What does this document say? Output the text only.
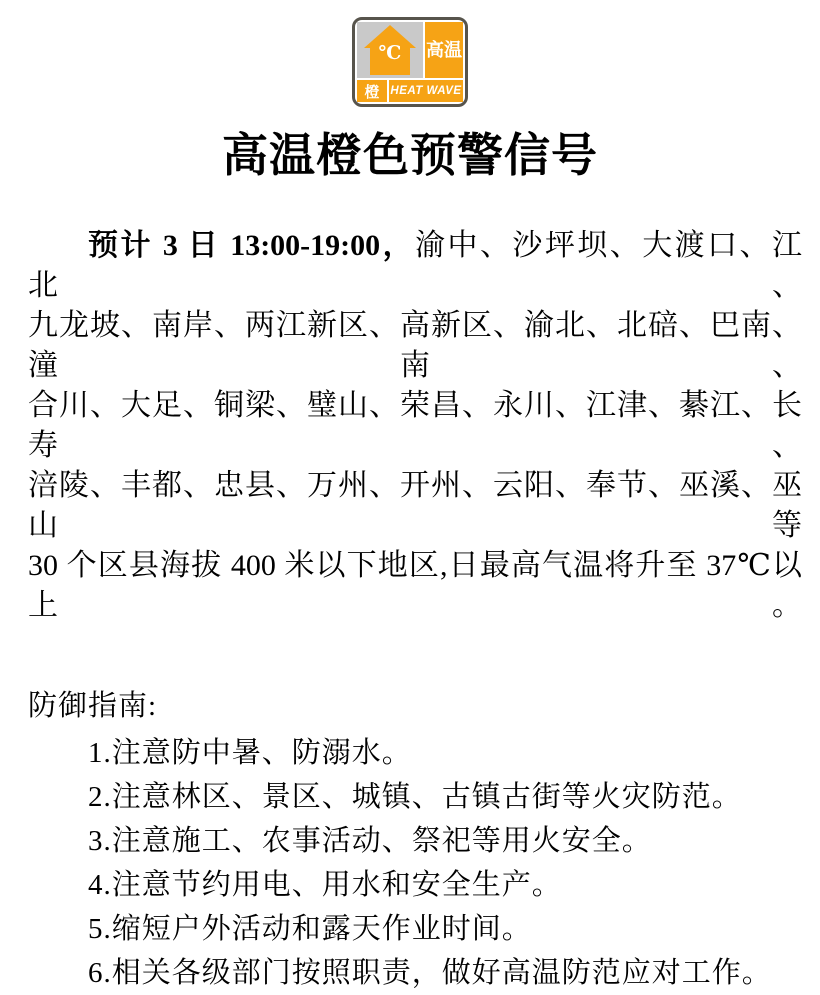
℃	高温
橙 HEAT WAVE
高温橙色预警信号
预计 3 日 13:00-19:00，渝中、沙坪坝、大渡口、江北、
九龙坡、南岸、两江新区、高新区、渝北、北碚、巴南、潼南、
合川、大足、铜梁、璧山、荣昌、永川、江津、綦江、长寿、
涪陵、丰都、忠县、万州、开州、云阳、奉节、巫溪、巫山等
30 个区县海拔 400 米以下地区,日最高气温将升至 37℃以上。
防御指南:
1.注意防中暑、防溺水。
2.注意林区、景区、城镇、古镇古街等火灾防范。
3.注意施工、农事活动、祭祀等用火安全。
4.注意节约用电、用水和安全生产。
5.缩短户外活动和露天作业时间。
6.相关各级部门按照职责，做好高温防范应对工作。
